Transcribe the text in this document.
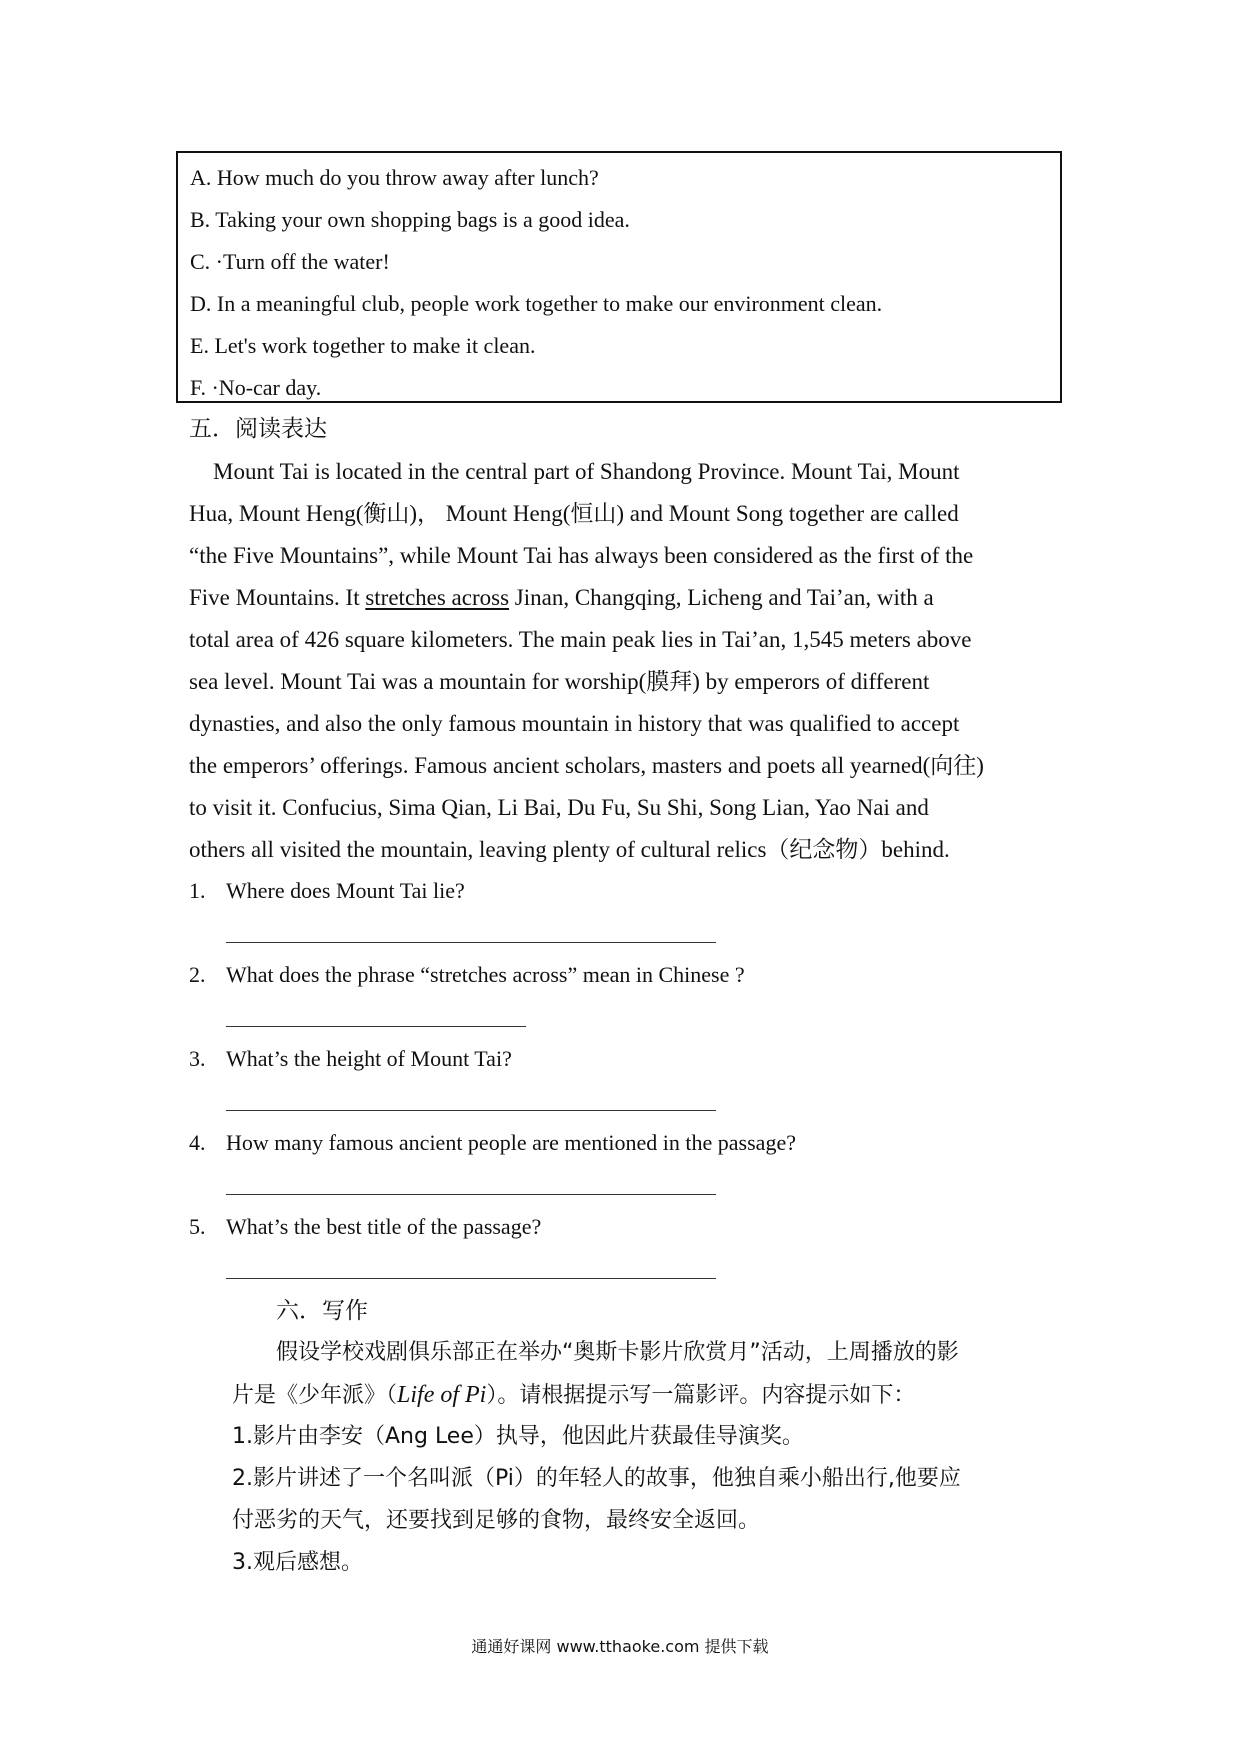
A. How much do you throw away after lunch?
B. Taking your own shopping bags is a good idea.
C. ·Turn off the water!
D. In a meaningful club, people work together to make our environment clean.
E. Let's work together to make it clean.
F. ·No-car day.
五．阅读表达
Mount Tai is located in the central part of Shandong Province. Mount Tai, Mount
Hua, Mount Heng(衡山)， Mount Heng(恒山) and Mount Song together are called
“the Five Mountains”, while Mount Tai has always been considered as the first of the
Five Mountains. It stretches across Jinan, Changqing, Licheng and Tai’an, with a
total area of 426 square kilometers. The main peak lies in Tai’an, 1,545 meters above
sea level. Mount Tai was a mountain for worship(膜拜) by emperors of different
dynasties, and also the only famous mountain in history that was qualified to accept
the emperors’ offerings. Famous ancient scholars, masters and poets all yearned(向往)
to visit it. Confucius, Sima Qian, Li Bai, Du Fu, Su Shi, Song Lian, Yao Nai and
others all visited the mountain, leaving plenty of cultural relics（纪念物）behind.
1. Where does Mount Tai lie?
2. What does the phrase “stretches across” mean in Chinese ?
3. What’s the height of Mount Tai?
4. How many famous ancient people are mentioned in the passage?
5. What’s the best title of the passage?
六．写作
假设学校戏剧俱乐部正在举办“奥斯卡影片欣赏月”活动，上周播放的影
片是《少年派》（Life of Pi）。请根据提示写一篇影评。内容提示如下：
1.影片由李安（Ang Lee）执导，他因此片获最佳导演奖。
2.影片讲述了一个名叫派（Pi）的年轻人的故事，他独自乘小船出行,他要应
付恶劣的天气，还要找到足够的食物，最终安全返回。
3.观后感想。
通通好课网 www.tthaoke.com 提供下载
